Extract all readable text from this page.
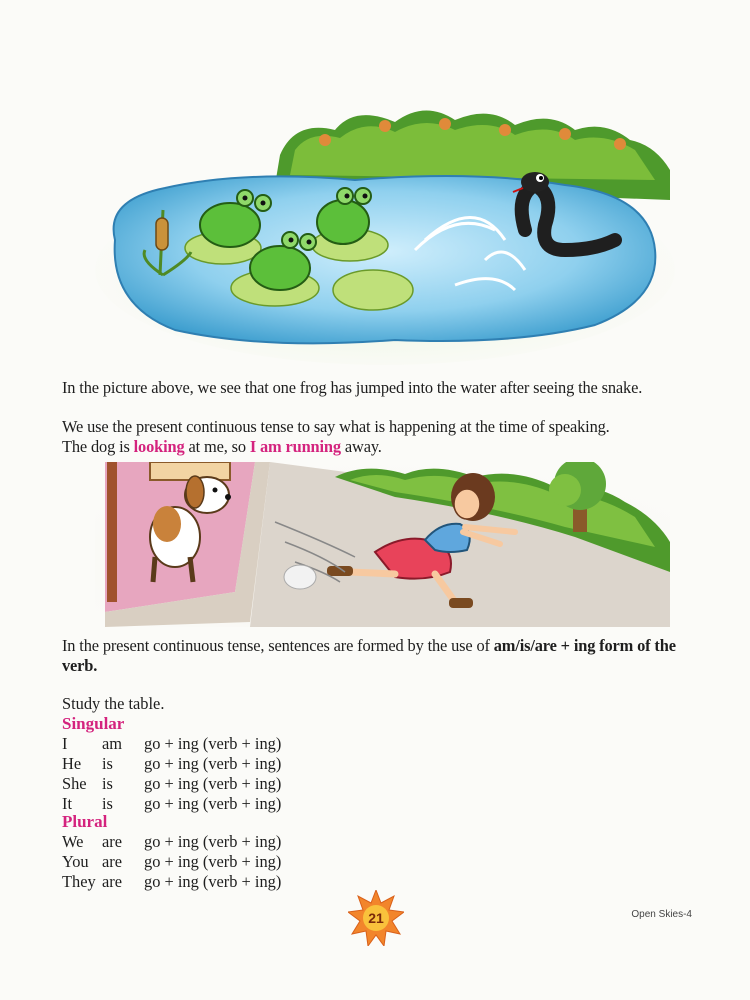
In the picture above, we see that one frog has jumped into the water after seeing the snake.

We use the present continuous tense to say what is happening at the time of speaking.

The dog is looking at me, so I am running away.

In the present continuous tense, sentences are formed by the use of am/is/are + ing form of the verb.

Study the table.
Singular
I	am	go + ing (verb + ing)
He	is	go + ing (verb + ing)
She is	go + ing (verb + ing)
It	is	go + ing (verb + ing)
Plural
We	are	go + ing (verb + ing)
You are	go + ing (verb + ing)
They are	go + ing (verb + ing)
21	Open Skies-4
